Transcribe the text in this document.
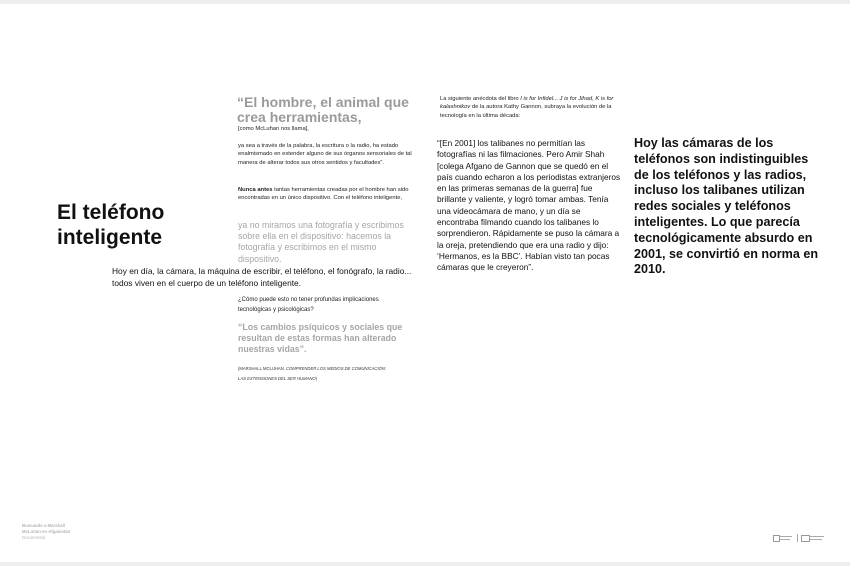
El teléfono inteligente
Hoy en día, la cámara, la máquina de escribir, el teléfono, el fonógrafo, la radio... todos viven en el cuerpo de un teléfono inteligente.
“El hombre, el animal que crea herramientas,
[como McLuhan nos llama],
ya sea a través de la palabra, la escritura o la radio, ha estado enalmismado en extender alguno de sus órganos sensoriales de tal manera de alterar todos sus otros sentidos y facultades”.
Nunca antes tantas herramientas creadas por el hombre han sido encontradas en un único dispositivo. Con el teléfono inteligente,
ya no miramos una fotografía y escribimos sobre ella en el dispositivo: hacemos la fotografía y escribimos en el mismo dispositivo.
¿Cómo puede esto no tener profundas implicaciones tecnológicas y psicológicas?
“Los cambios psíquicos y sociales que resultan de estas formas han alterado nuestras vidas”.
(MARSHALL MCLUHAN. COMPRENDER LOS MEDIOS DE COMUNICACIÓN:
LAS EXTENSIONES DEL SER HUMANO)
La siguiente anécdota del libro I is for Infidel... J is for Jihad, K is for kalashnikov de la autora Kathy Gannon, subraya la evolución de la tecnología en la última década:
“[En 2001] los talibanes no permitían las fotografías ni las filmaciones. Pero Amir Shah [colega Afgano de Gannon que se quedó en el país cuando echaron a los periodistas extranjeros en las primeras semanas de la guerra] fue brillante y valiente, y logró tomar ambas. Tenía una videocámara de mano, y un día se encontraba filmando cuando los talibanes lo sorprendieron. Rápidamente se puso la cámara a la oreja, pretendiendo que era una radio y dijo: ‘Hermanos, es la BBC’. Habían visto tan pocas cámaras que le creyeron”.
Hoy las cámaras de los teléfonos son indistinguibles de los teléfonos y las radios, incluso los talibanes utilizan redes sociales y teléfonos inteligentes. Lo que parecía tecnológicamente absurdo en 2001, se convirtió en norma en 2010.
Buscando a Marshall
McLuhan en Afganistán
Documental
